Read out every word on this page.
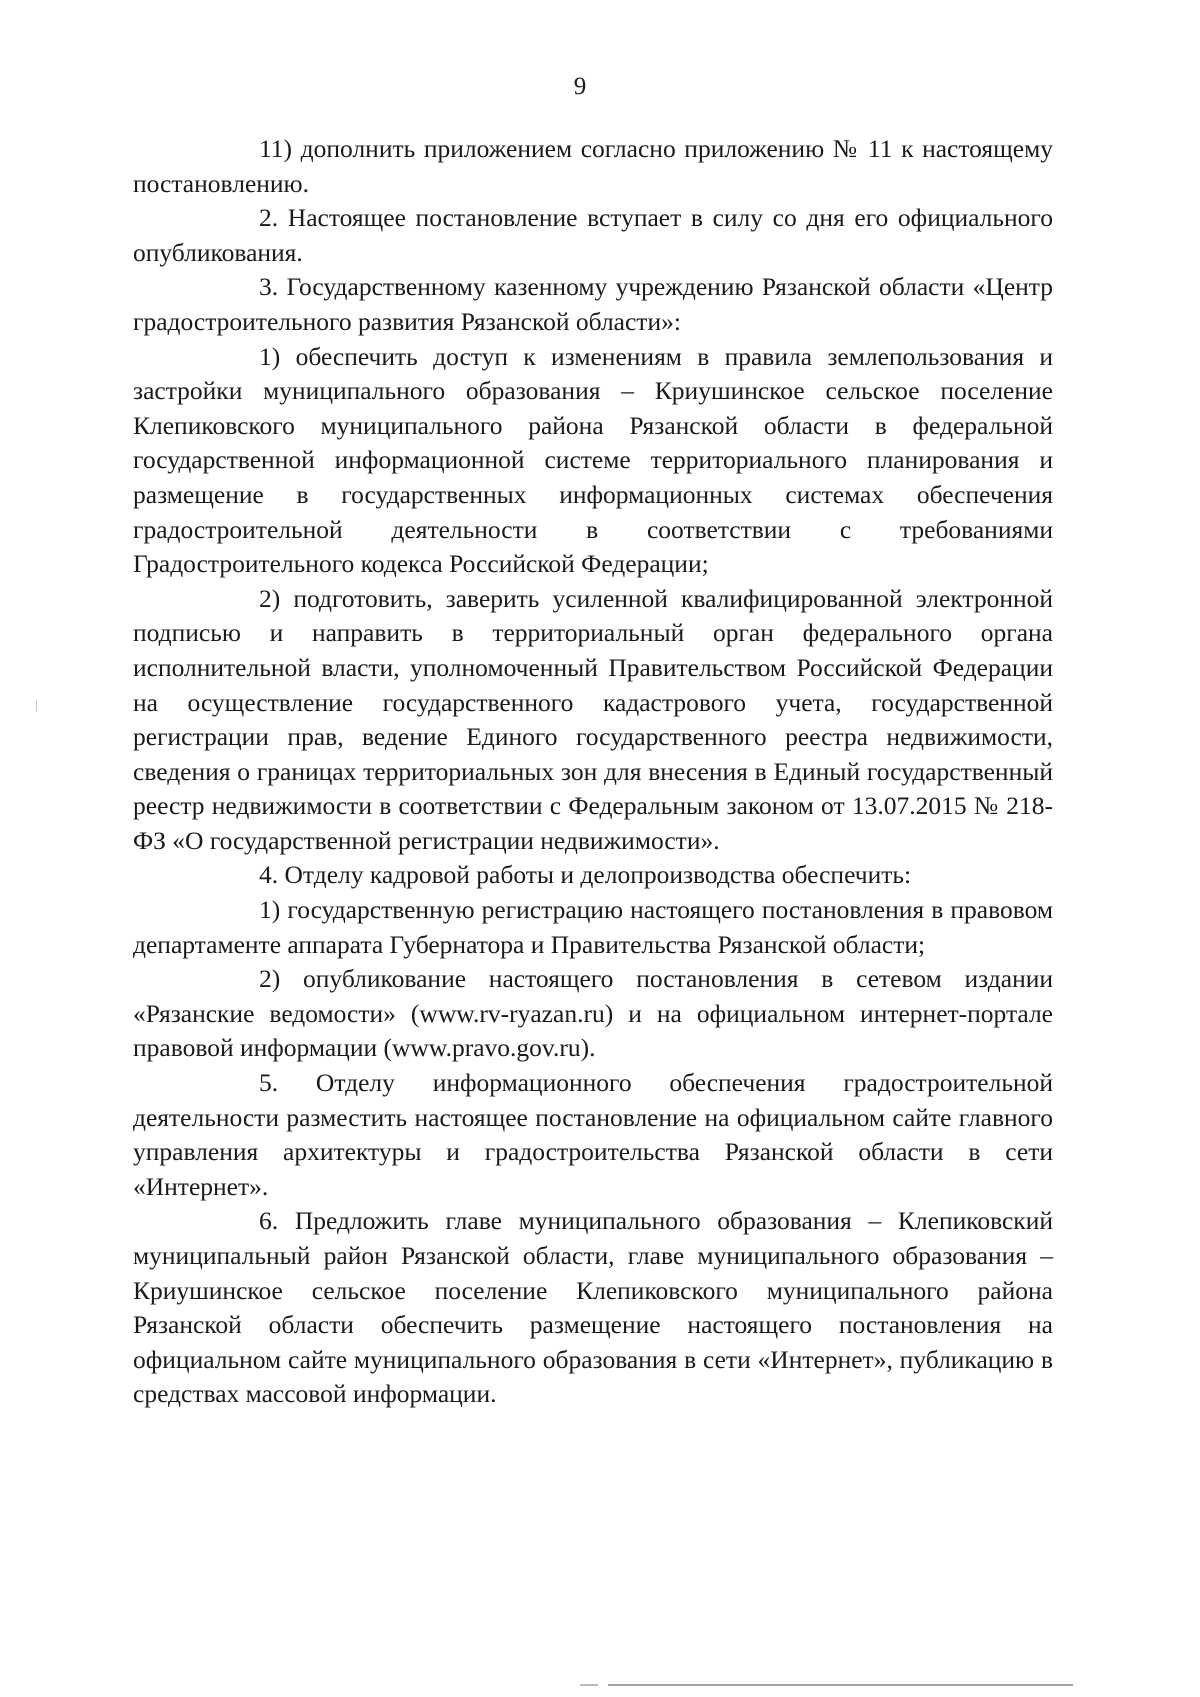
9

11) дополнить приложением согласно приложению № 11 к настоящему постановлению.

2. Настоящее постановление вступает в силу со дня его официального опубликования.

3. Государственному казенному учреждению Рязанской области «Центр градостроительного развития Рязанской области»:

1) обеспечить доступ к изменениям в правила землепользования и застройки муниципального образования – Криушинское сельское поселение Клепиковского муниципального района Рязанской области в федеральной государственной информационной системе территориального планирования и размещение в государственных информационных системах обеспечения градостроительной деятельности в соответствии с требованиями Градостроительного кодекса Российской Федерации;

2) подготовить, заверить усиленной квалифицированной электронной подписью и направить в территориальный орган федерального органа исполнительной власти, уполномоченный Правительством Российской Федерации на осуществление государственного кадастрового учета, государственной регистрации прав, ведение Единого государственного реестра недвижимости, сведения о границах территориальных зон для внесения в Единый государственный реестр недвижимости в соответствии с Федеральным законом от 13.07.2015 № 218-ФЗ «О государственной регистрации недвижимости».

4. Отделу кадровой работы и делопроизводства обеспечить:

1) государственную регистрацию настоящего постановления в правовом департаменте аппарата Губернатора и Правительства Рязанской области;

2) опубликование настоящего постановления в сетевом издании «Рязанские ведомости» (www.rv-ryazan.ru) и на официальном интернет-портале правовой информации (www.pravo.gov.ru).

5. Отделу информационного обеспечения градостроительной деятельности разместить настоящее постановление на официальном сайте главного управления архитектуры и градостроительства Рязанской области в сети «Интернет».

6. Предложить главе муниципального образования – Клепиковский муниципальный район Рязанской области, главе муниципального образования – Криушинское сельское поселение Клепиковского муниципального района Рязанской области обеспечить размещение настоящего постановления на официальном сайте муниципального образования в сети «Интернет», публикацию в средствах массовой информации.
